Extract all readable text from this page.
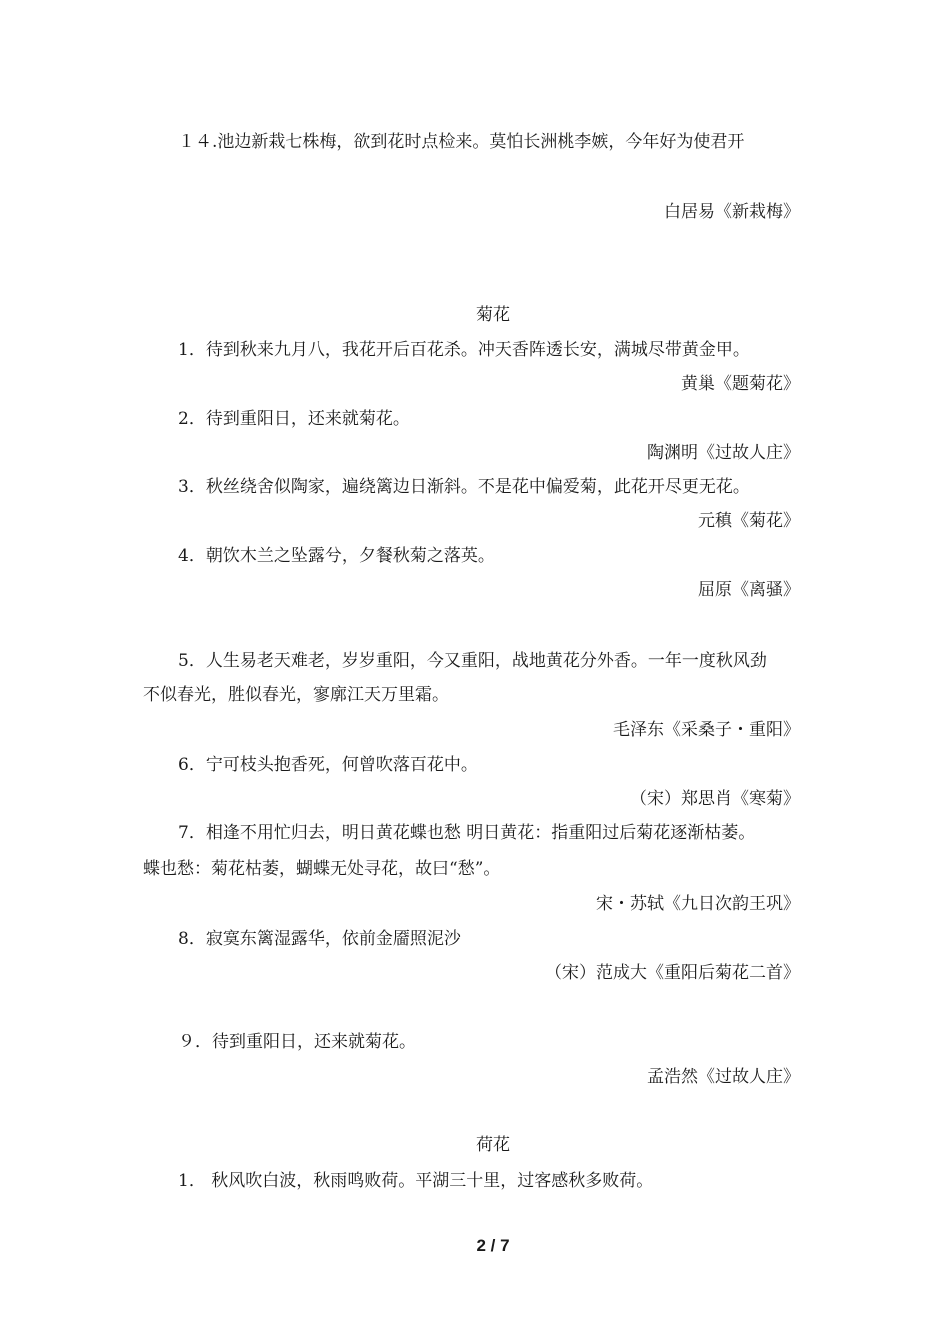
１４.池边新栽七株梅，欲到花时点检来。莫怕长洲桃李嫉，今年好为使君开
白居易《新栽梅》
菊花
1．待到秋来九月八，我花开后百花杀。冲天香阵透长安，满城尽带黄金甲。
黄巢《题菊花》
2．待到重阳日，还来就菊花。
陶渊明《过故人庄》
3．秋丝绕舍似陶家，遍绕篱边日渐斜。不是花中偏爱菊，此花开尽更无花。
元稹《菊花》
4．朝饮木兰之坠露兮，夕餐秋菊之落英。
屈原《离骚》
5．人生易老天难老，岁岁重阳，今又重阳，战地黄花分外香。一年一度秋风劲
不似春光，胜似春光，寥廓江天万里霜。
毛泽东《采桑子・重阳》
6．宁可枝头抱香死，何曾吹落百花中。
（宋）郑思肖《寒菊》
7．相逢不用忙归去，明日黄花蝶也愁 明日黄花：指重阳过后菊花逐渐枯萎。
蝶也愁：菊花枯萎，蝴蝶无处寻花，故曰“愁”。
宋・苏轼《九日次韵王巩》
8．寂寞东篱湿露华，依前金靥照泥沙
（宋）范成大《重阳后菊花二首》
９．待到重阳日，还来就菊花。
孟浩然《过故人庄》
荷花
1． 秋风吹白波，秋雨鸣败荷。平湖三十里，过客感秋多败荷。
2 / 7
